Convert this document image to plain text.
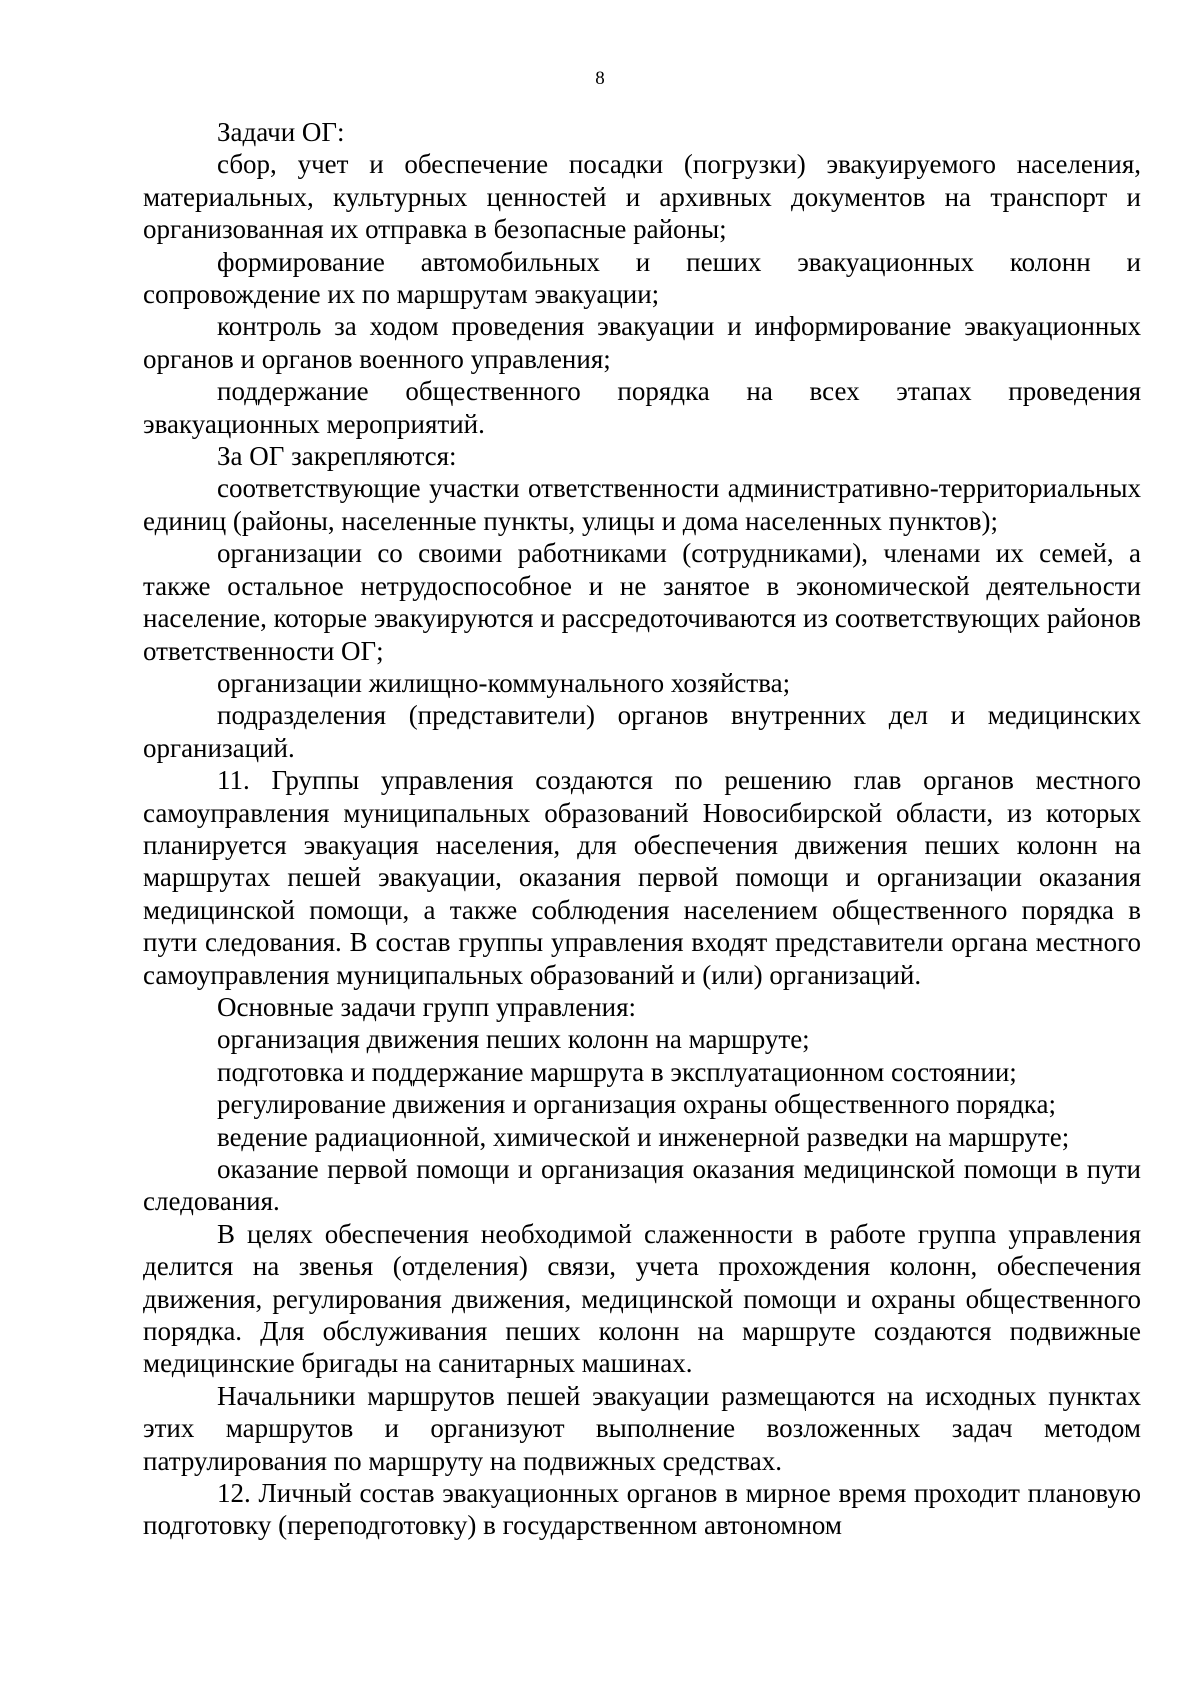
8

Задачи ОГ:

сбор, учет и обеспечение посадки (погрузки) эвакуируемого населения, материальных, культурных ценностей и архивных документов на транспорт и организованная их отправка в безопасные районы;

формирование автомобильных и пеших эвакуационных колонн и сопровождение их по маршрутам эвакуации;

контроль за ходом проведения эвакуации и информирование эвакуационных органов и органов военного управления;

поддержание общественного порядка на всех этапах проведения эвакуационных мероприятий.

За ОГ закрепляются:

соответствующие участки ответственности административно-территориальных единиц (районы, населенные пункты, улицы и дома населенных пунктов);

организации со своими работниками (сотрудниками), членами их семей, а также остальное нетрудоспособное и не занятое в экономической деятельности население, которые эвакуируются и рассредоточиваются из соответствующих районов ответственности ОГ;

организации жилищно-коммунального хозяйства;

подразделения (представители) органов внутренних дел и медицинских организаций.

11. Группы управления создаются по решению глав органов местного самоуправления муниципальных образований Новосибирской области, из которых планируется эвакуация населения, для обеспечения движения пеших колонн на маршрутах пешей эвакуации, оказания первой помощи и организации оказания медицинской помощи, а также соблюдения населением общественного порядка в пути следования. В состав группы управления входят представители органа местного самоуправления муниципальных образований и (или) организаций.

Основные задачи групп управления:

организация движения пеших колонн на маршруте;

подготовка и поддержание маршрута в эксплуатационном состоянии;

регулирование движения и организация охраны общественного порядка;

ведение радиационной, химической и инженерной разведки на маршруте;

оказание первой помощи и организация оказания медицинской помощи в пути следования.

В целях обеспечения необходимой слаженности в работе группа управления делится на звенья (отделения) связи, учета прохождения колонн, обеспечения движения, регулирования движения, медицинской помощи и охраны общественного порядка. Для обслуживания пеших колонн на маршруте создаются подвижные медицинские бригады на санитарных машинах.

Начальники маршрутов пешей эвакуации размещаются на исходных пунктах этих маршрутов и организуют выполнение возложенных задач методом патрулирования по маршруту на подвижных средствах.

12. Личный состав эвакуационных органов в мирное время проходит плановую подготовку (переподготовку) в государственном автономном
